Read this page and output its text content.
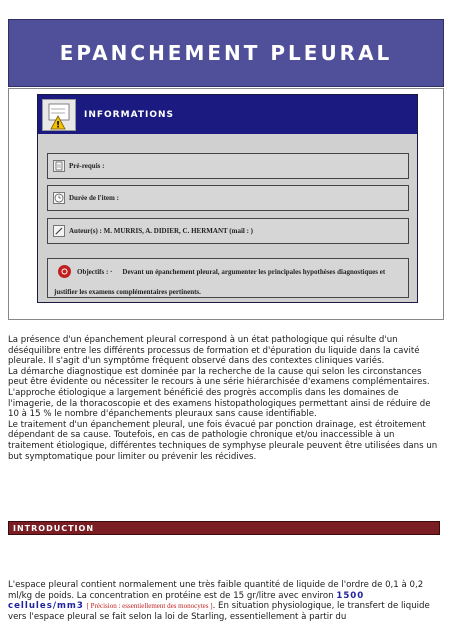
EPANCHEMENT PLEURAL
!
INFORMATIONS
Pré-requis :
Durée de l'item :
Auteur(s) : M. MURRIS, A. DIDIER, C. HERMANT (mail : )
Objectifs : · Devant un épanchement pleural, argumenter les principales hypothèses diagnostiques et
justifier les examens complémentaires pertinents.

La présence d'un épanchement pleural correspond à un état pathologique qui résulte d'un déséquilibre entre les différents processus de formation et d'épuration du liquide dans la cavité pleurale. Il s'agit d'un symptôme fréquent observé dans des contextes cliniques variés.

La démarche diagnostique est dominée par la recherche de la cause qui selon les circonstances peut être évidente ou nécessiter le recours à une série hiérarchisée d'examens complémentaires. L'approche étiologique a largement bénéficié des progrès accomplis dans les domaines de l'imagerie, de la thoracoscopie et des examens histopathologiques permettant ainsi de réduire de 10 à 15 % le nombre d'épanchements pleuraux sans cause identifiable.

Le traitement d'un épanchement pleural, une fois évacué par ponction drainage, est étroitement dépendant de sa cause. Toutefois, en cas de pathologie chronique et/ou inaccessible à un traitement étiologique, différentes techniques de symphyse pleurale peuvent être utilisées dans un but symptomatique pour limiter ou prévenir les récidives.

INTRODUCTION

L'espace pleural contient normalement une très faible quantité de liquide de l'ordre de 0,1 à 0,2 ml/kg de poids. La concentration en protéine est de 15 gr/litre avec environ 1500 cellules/mm3 [ Précision : essentiellement des monocytes ]. En situation physiologique, le transfert de liquide vers l'espace pleural se fait selon la loi de Starling, essentiellement à partir du
